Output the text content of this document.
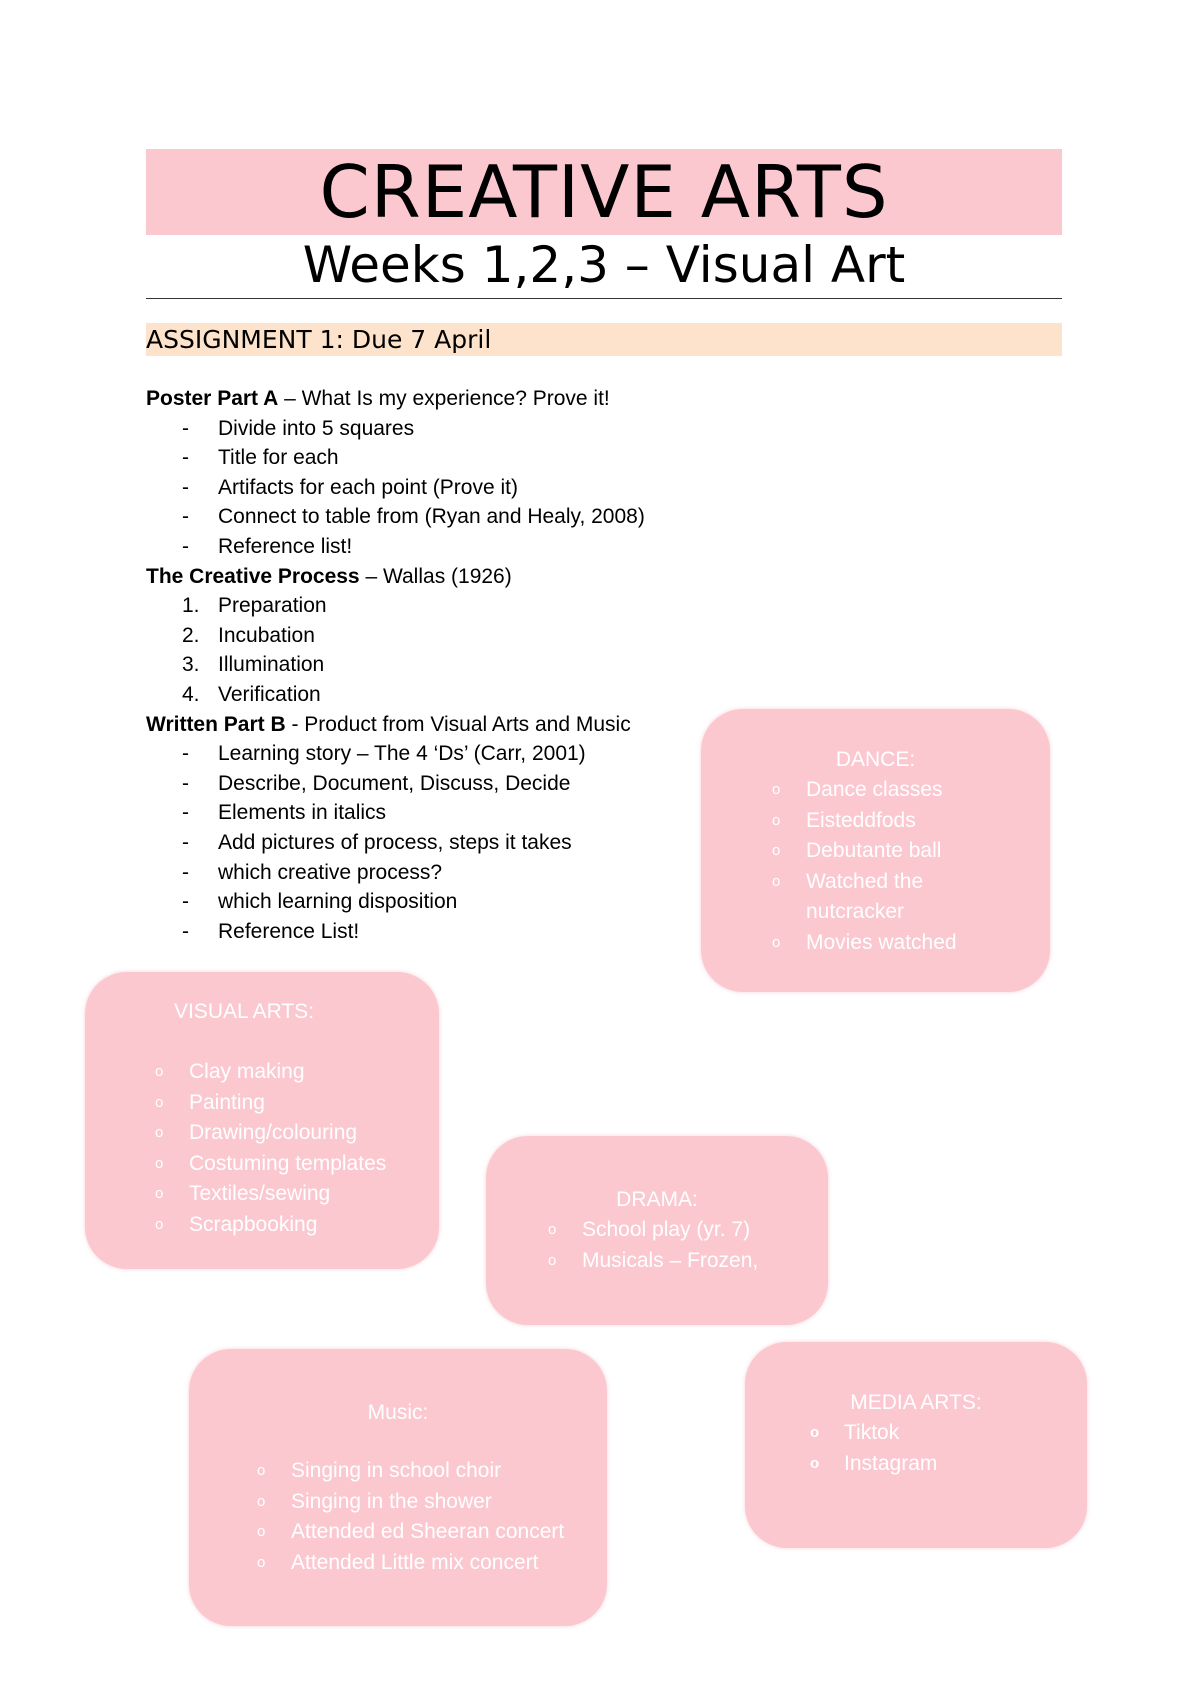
CREATIVE ARTS
Weeks 1,2,3 – Visual Art
ASSIGNMENT 1: Due 7 April
Poster Part A – What Is my experience? Prove it!
- Divide into 5 squares
- Title for each
- Artifacts for each point (Prove it)
- Connect to table from (Ryan and Healy, 2008)
- Reference list!
The Creative Process – Wallas (1926)
1. Preparation
2. Incubation
3. Illumination
4. Verification
Written Part B - Product from Visual Arts and Music
- Learning story – The 4 ‘Ds’ (Carr, 2001)
- Describe, Document, Discuss, Decide
- Elements in italics
- Add pictures of process, steps it takes
- which creative process?
- which learning disposition
- Reference List!
DANCE:
o Dance classes
o Eisteddfods
o Debutante ball
o Watched the
nutcracker
o Movies watched
VISUAL ARTS:
o Clay making
o Painting
o Drawing/colouring
o Costuming templates
o Textiles/sewing
o Scrapbooking
DRAMA:
o School play (yr. 7)
o Musicals – Frozen,
Music:
o Singing in school choir
o Singing in the shower
o Attended ed Sheeran concert
o Attended Little mix concert
MEDIA ARTS:
o Tiktok
o Instagram
